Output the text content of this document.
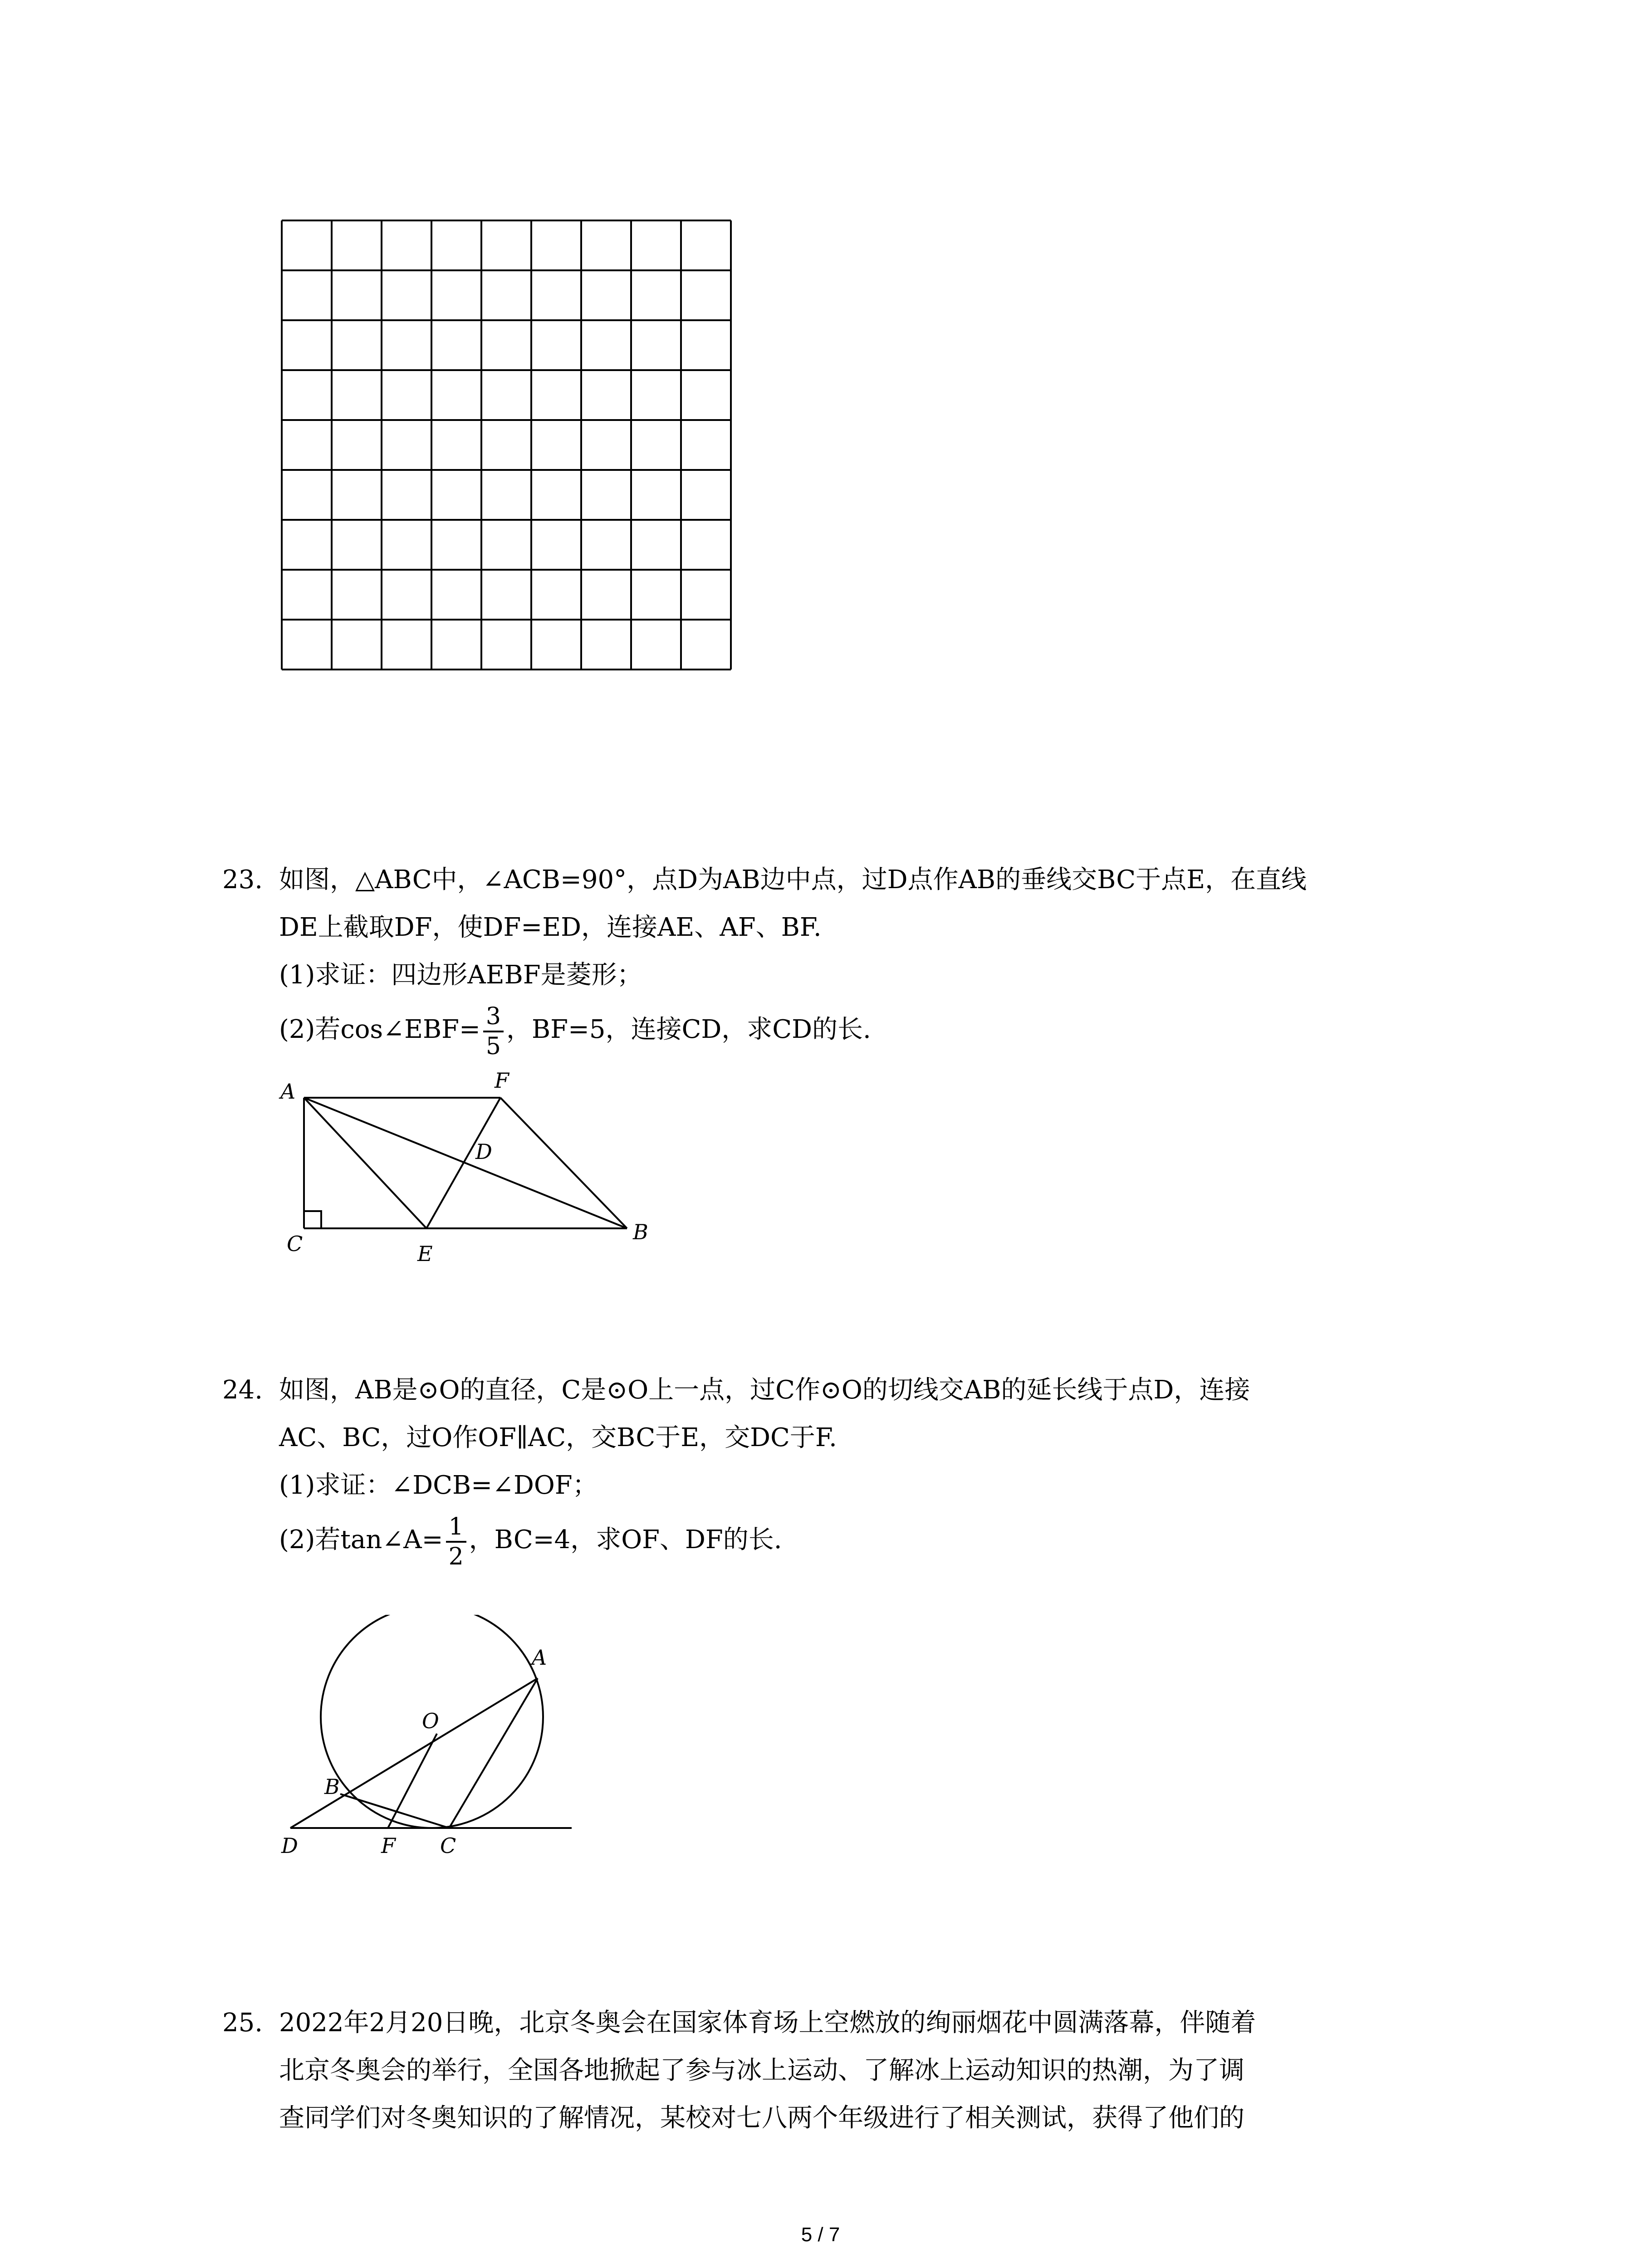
23. 如图，△ABC中，∠ACB=90°，点D为AB边中点，过D点作AB的垂线交BC于点E，在直线
DE上截取DF，使DF=ED，连接AE、AF、BF.
(1)求证：四边形AEBF是菱形；
(2)若cos∠EBF= $\frac{3}{5}$ ，BF=5，连接CD，求CD的长.
A	F
D
C	E
B
24. 如图，AB是⊙O的直径，C是⊙O上一点，过C作⊙O的切线交AB的延长线于点D，连接
AC、BC，过O作OF∥AC，交BC于E，交DC于F.
(1)求证：∠DCB=∠DOF；
(2)若tan∠A= $\frac{1}{2}$ ，BC=4，求OF、DF的长.
A
O
B
D	F C
25. 2022年2月20日晚，北京冬奥会在国家体育场上空燃放的绚丽烟花中圆满落幕，伴随着
北京冬奥会的举行，全国各地掀起了参与冰上运动、了解冰上运动知识的热潮，为了调
查同学们对冬奥知识的了解情况，某校对七八两个年级进行了相关测试，获得了他们的
5 / 7
